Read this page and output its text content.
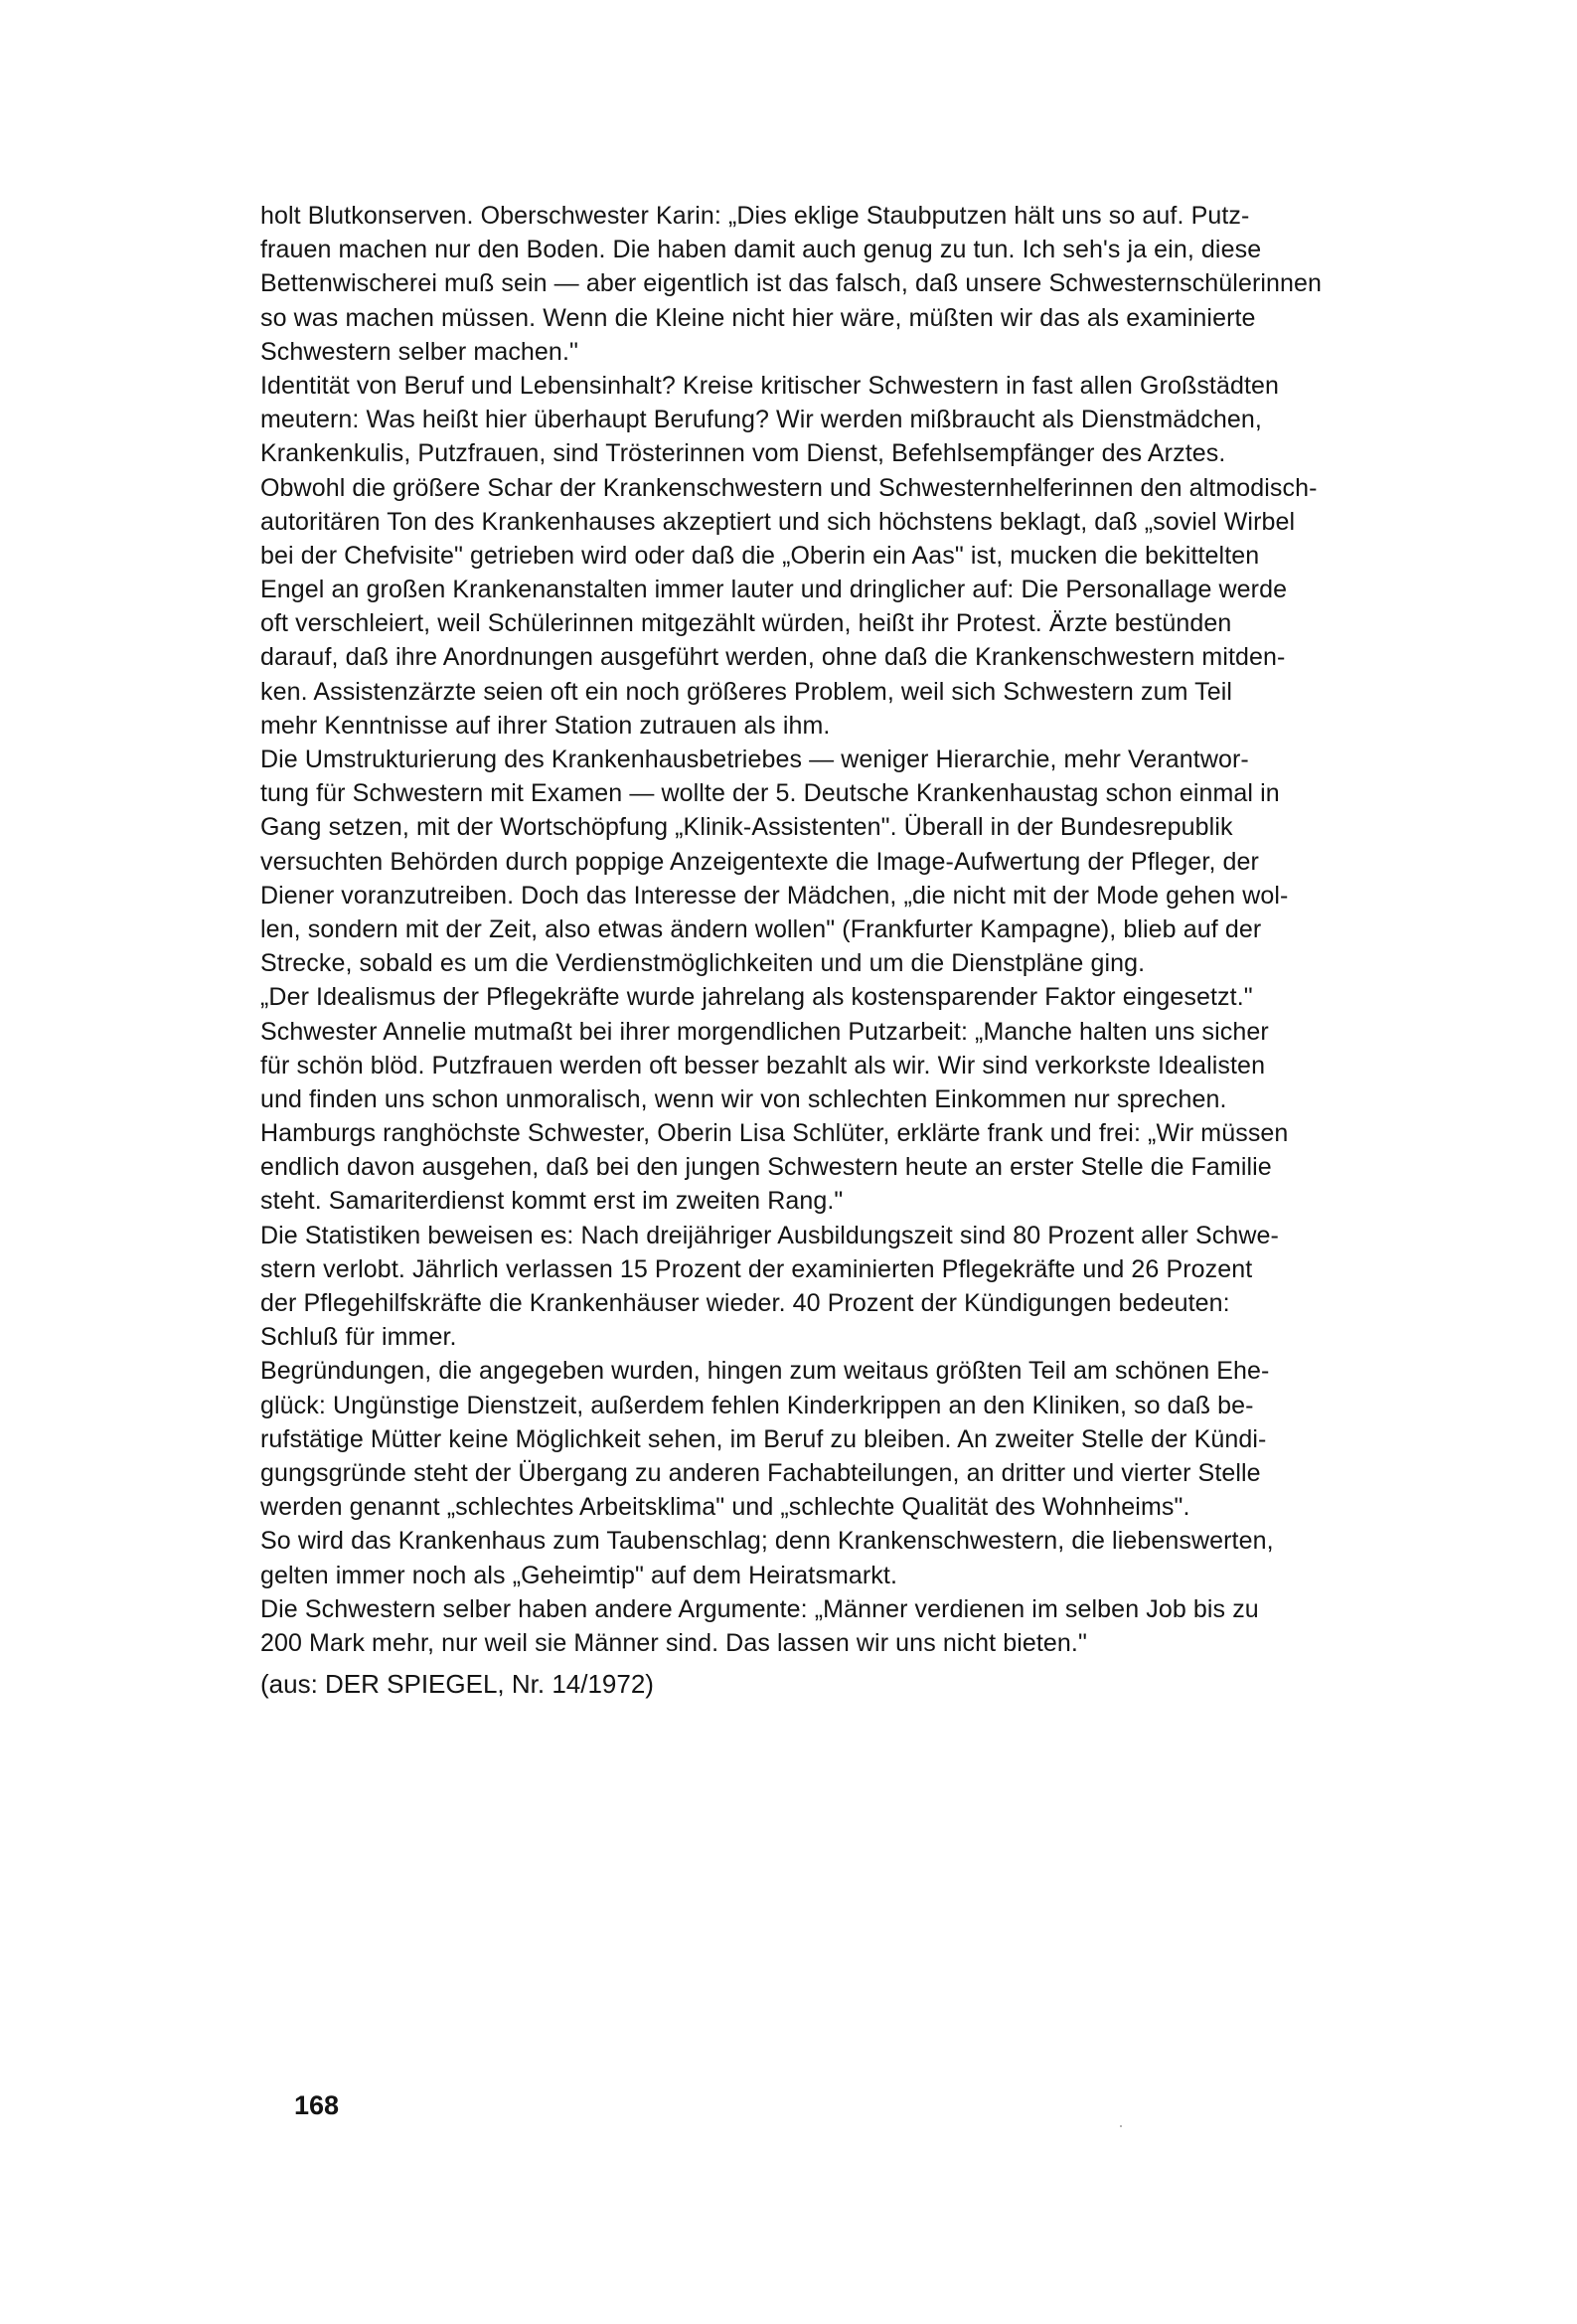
holt Blutkonserven. Oberschwester Karin: „Dies eklige Staubputzen hält uns so auf. Putz-
frauen machen nur den Boden. Die haben damit auch genug zu tun. Ich seh's ja ein, diese
Bettenwischerei muß sein — aber eigentlich ist das falsch, daß unsere Schwesternschülerinnen
so was machen müssen. Wenn die Kleine nicht hier wäre, müßten wir das als examinierte
Schwestern selber machen."
Identität von Beruf und Lebensinhalt? Kreise kritischer Schwestern in fast allen Großstädten
meutern: Was heißt hier überhaupt Berufung? Wir werden mißbraucht als Dienstmädchen,
Krankenkulis, Putzfrauen, sind Trösterinnen vom Dienst, Befehlsempfänger des Arztes.
Obwohl die größere Schar der Krankenschwestern und Schwesternhelferinnen den altmodisch-
autoritären Ton des Krankenhauses akzeptiert und sich höchstens beklagt, daß „soviel Wirbel
bei der Chefvisite" getrieben wird oder daß die „Oberin ein Aas" ist, mucken die bekittelten
Engel an großen Krankenanstalten immer lauter und dringlicher auf: Die Personallage werde
oft verschleiert, weil Schülerinnen mitgezählt würden, heißt ihr Protest. Ärzte bestünden
darauf, daß ihre Anordnungen ausgeführt werden, ohne daß die Krankenschwestern mitden-
ken. Assistenzärzte seien oft ein noch größeres Problem, weil sich Schwestern zum Teil
mehr Kenntnisse auf ihrer Station zutrauen als ihm.
Die Umstrukturierung des Krankenhausbetriebes — weniger Hierarchie, mehr Verantwor-
tung für Schwestern mit Examen — wollte der 5. Deutsche Krankenhaustag schon einmal in
Gang setzen, mit der Wortschöpfung „Klinik-Assistenten". Überall in der Bundesrepublik
versuchten Behörden durch poppige Anzeigentexte die Image-Aufwertung der Pfleger, der
Diener voranzutreiben. Doch das Interesse der Mädchen, „die nicht mit der Mode gehen wol-
len, sondern mit der Zeit, also etwas ändern wollen" (Frankfurter Kampagne), blieb auf der
Strecke, sobald es um die Verdienstmöglichkeiten und um die Dienstpläne ging.
„Der Idealismus der Pflegekräfte wurde jahrelang als kostensparender Faktor eingesetzt."
Schwester Annelie mutmaßt bei ihrer morgendlichen Putzarbeit: „Manche halten uns sicher
für schön blöd. Putzfrauen werden oft besser bezahlt als wir. Wir sind verkorkste Idealisten
und finden uns schon unmoralisch, wenn wir von schlechten Einkommen nur sprechen.
Hamburgs ranghöchste Schwester, Oberin Lisa Schlüter, erklärte frank und frei: „Wir müssen
endlich davon ausgehen, daß bei den jungen Schwestern heute an erster Stelle die Familie
steht. Samariterdienst kommt erst im zweiten Rang."
Die Statistiken beweisen es: Nach dreijähriger Ausbildungszeit sind 80 Prozent aller Schwe-
stern verlobt. Jährlich verlassen 15 Prozent der examinierten Pflegekräfte und 26 Prozent
der Pflegehilfskräfte die Krankenhäuser wieder. 40 Prozent der Kündigungen bedeuten:
Schluß für immer.
Begründungen, die angegeben wurden, hingen zum weitaus größten Teil am schönen Ehe-
glück: Ungünstige Dienstzeit, außerdem fehlen Kinderkrippen an den Kliniken, so daß be-
rufstätige Mütter keine Möglichkeit sehen, im Beruf zu bleiben. An zweiter Stelle der Kündi-
gungsgründe steht der Übergang zu anderen Fachabteilungen, an dritter und vierter Stelle
werden genannt „schlechtes Arbeitsklima" und „schlechte Qualität des Wohnheims".
So wird das Krankenhaus zum Taubenschlag; denn Krankenschwestern, die liebenswerten,
gelten immer noch als „Geheimtip" auf dem Heiratsmarkt.
Die Schwestern selber haben andere Argumente: „Männer verdienen im selben Job bis zu
200 Mark mehr, nur weil sie Männer sind. Das lassen wir uns nicht bieten."
(aus: DER SPIEGEL, Nr. 14/1972)
168
